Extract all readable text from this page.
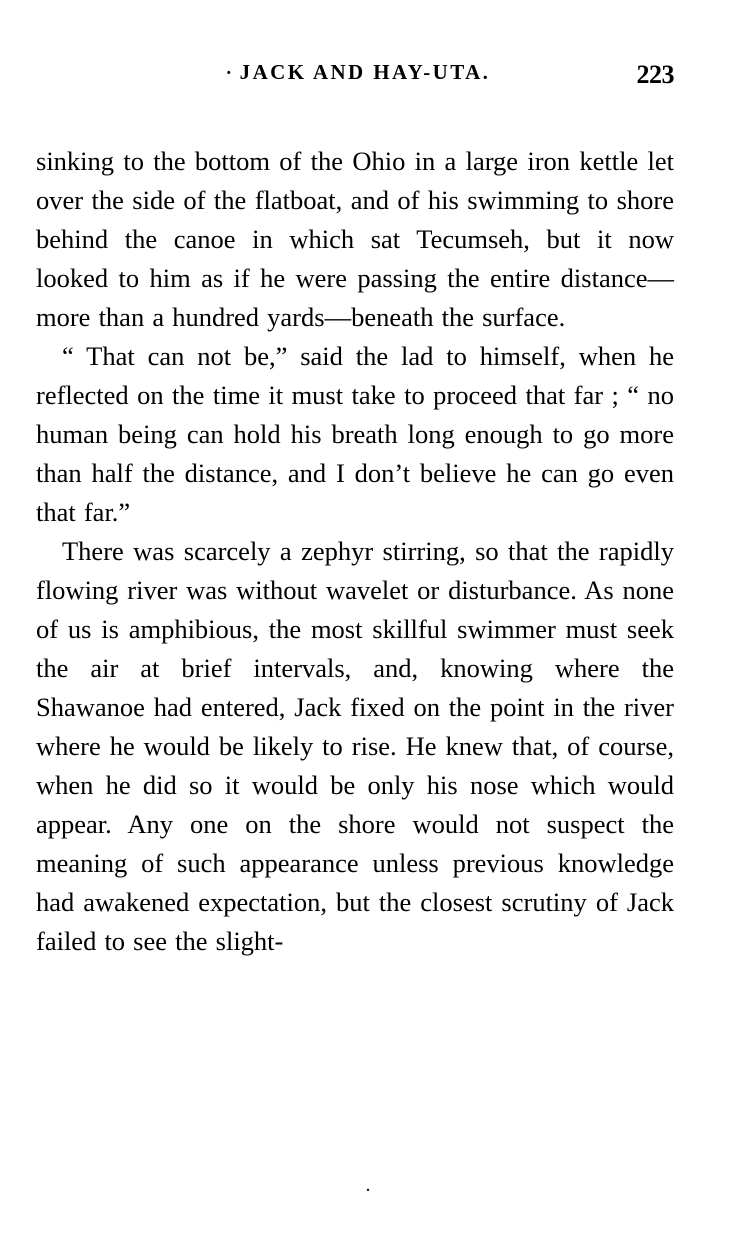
· JACK AND HAY-UTA.	223

sinking to the bottom of the Ohio in a large iron kettle let over the side of the flatboat, and of his swimming to shore behind the canoe in which sat Tecumseh, but it now looked to him as if he were passing the entire distance—more than a hundred yards—beneath the surface.

“ That can not be,” said the lad to himself, when he reflected on the time it must take to proceed that far ; “ no human being can hold his breath long enough to go more than half the distance, and I don’t believe he can go even that far.”

There was scarcely a zephyr stirring, so that the rapidly flowing river was without wavelet or disturbance. As none of us is amphibious, the most skillful swimmer must seek the air at brief intervals, and, knowing where the Shawanoe had entered, Jack fixed on the point in the river where he would be likely to rise. He knew that, of course, when he did so it would be only his nose which would appear. Any one on the shore would not suspect the meaning of such appearance unless previous knowledge had awakened expectation, but the closest scrutiny of Jack failed to see the slight-

.
